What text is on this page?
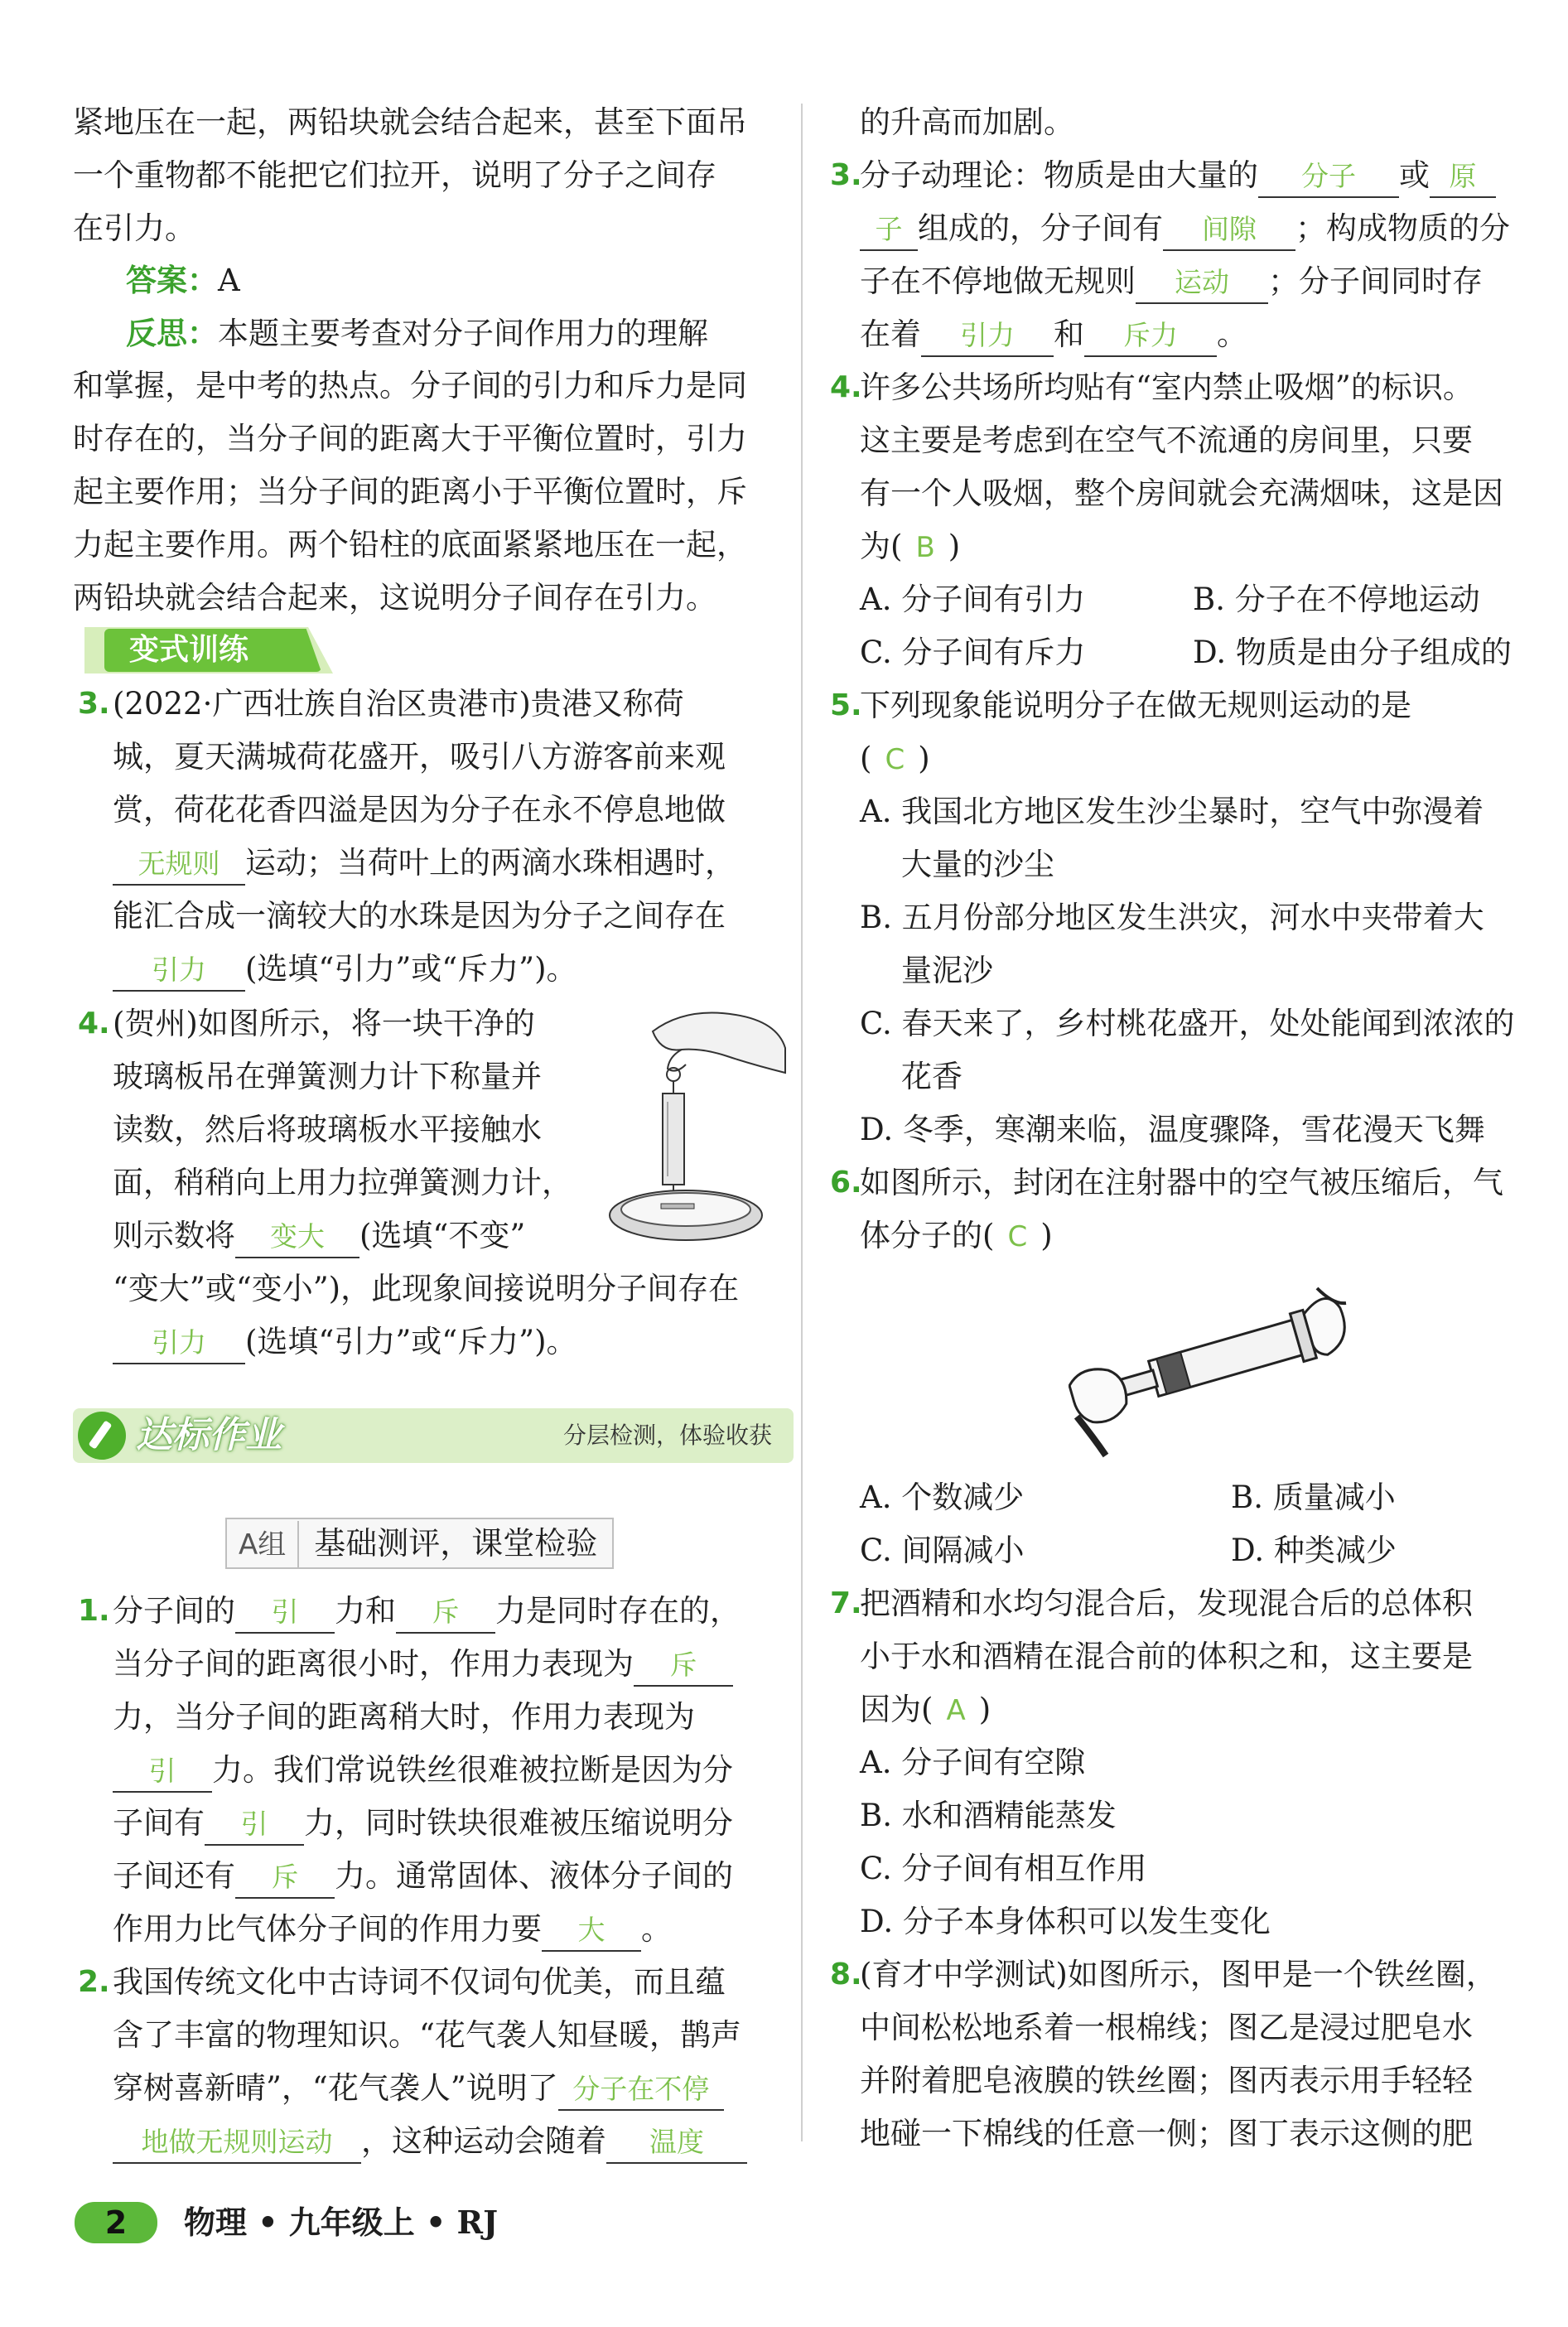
紧地压在一起，两铅块就会结合起来，甚至下面吊
一个重物都不能把它们拉开，说明了分子之间存
在引力。
答案：A
反思：本题主要考查对分子间作用力的理解
和掌握，是中考的热点。分子间的引力和斥力是同
时存在的，当分子间的距离大于平衡位置时，引力
起主要作用；当分子间的距离小于平衡位置时，斥
力起主要作用。两个铅柱的底面紧紧地压在一起，
两铅块就会结合起来，这说明分子间存在引力。
变式训练
3. (2022·广西壮族自治区贵港市)贵港又称荷
城，夏天满城荷花盛开，吸引八方游客前来观
赏，荷花花香四溢是因为分子在永不停息地做
无规则 运动；当荷叶上的两滴水珠相遇时，
能汇合成一滴较大的水珠是因为分子之间存在
引力 (选填“引力”或“斥力”)。
4. (贺州)如图所示，将一块干净的
玻璃板吊在弹簧测力计下称量并
读数，然后将玻璃板水平接触水
面，稍稍向上用力拉弹簧测力计，
则示数将 变大 (选填“不变”
“变大”或“变小”)，此现象间接说明分子间存在
引力 (选填“引力”或“斥力”)。
达标作业	分层检测，体验收获
A组 基础测评，课堂检验
1. 分子间的 引 力和 斥 力是同时存在的，
当分子间的距离很小时，作用力表现为 斥
力，当分子间的距离稍大时，作用力表现为
引 力。我们常说铁丝很难被拉断是因为分
子间有 引 力，同时铁块很难被压缩说明分
子间还有 斥 力。通常固体、液体分子间的
作用力比气体分子间的作用力要 大 。
2. 我国传统文化中古诗词不仅词句优美，而且蕴
含了丰富的物理知识。“花气袭人知昼暖，鹊声
穿树喜新晴”，“花气袭人”说明了 分子在不停
地做无规则运动 ，这种运动会随着 温度
的升高而加剧。
3.
分子动理论：物质是由大量的 分子 或 原
子 组成的，分子间有 间隙 ；构成物质的分
子在不停地做无规则 运动 ；分子间同时存
在着 引力 和 斥力 。
4.
许多公共场所均贴有“室内禁止吸烟”的标识。
这主要是考虑到在空气不流通的房间里，只要
有一个人吸烟，整个房间就会充满烟味，这是因
为( B )
A. 分子间有引力	B. 分子在不停地运动
C. 分子间有斥力	D. 物质是由分子组成的
5.
下列现象能说明分子在做无规则运动的是
( C )
A. 我国北方地区发生沙尘暴时，空气中弥漫着
大量的沙尘
B. 五月份部分地区发生洪灾，河水中夹带着大
量泥沙
C. 春天来了，乡村桃花盛开，处处能闻到浓浓的
花香
D. 冬季，寒潮来临，温度骤降，雪花漫天飞舞
6.
如图所示，封闭在注射器中的空气被压缩后，气
体分子的( C )
A. 个数减少	B. 质量减小
C. 间隔减小	D. 种类减少
7.
把酒精和水均匀混合后，发现混合后的总体积
小于水和酒精在混合前的体积之和，这主要是
因为( A )
A. 分子间有空隙
B. 水和酒精能蒸发
C. 分子间有相互作用
D. 分子本身体积可以发生变化
8.
(育才中学测试)如图所示，图甲是一个铁丝圈，
中间松松地系着一根棉线；图乙是浸过肥皂水
并附着肥皂液膜的铁丝圈；图丙表示用手轻轻
地碰一下棉线的任意一侧；图丁表示这侧的肥
2	物理 • 九年级上 • RJ
